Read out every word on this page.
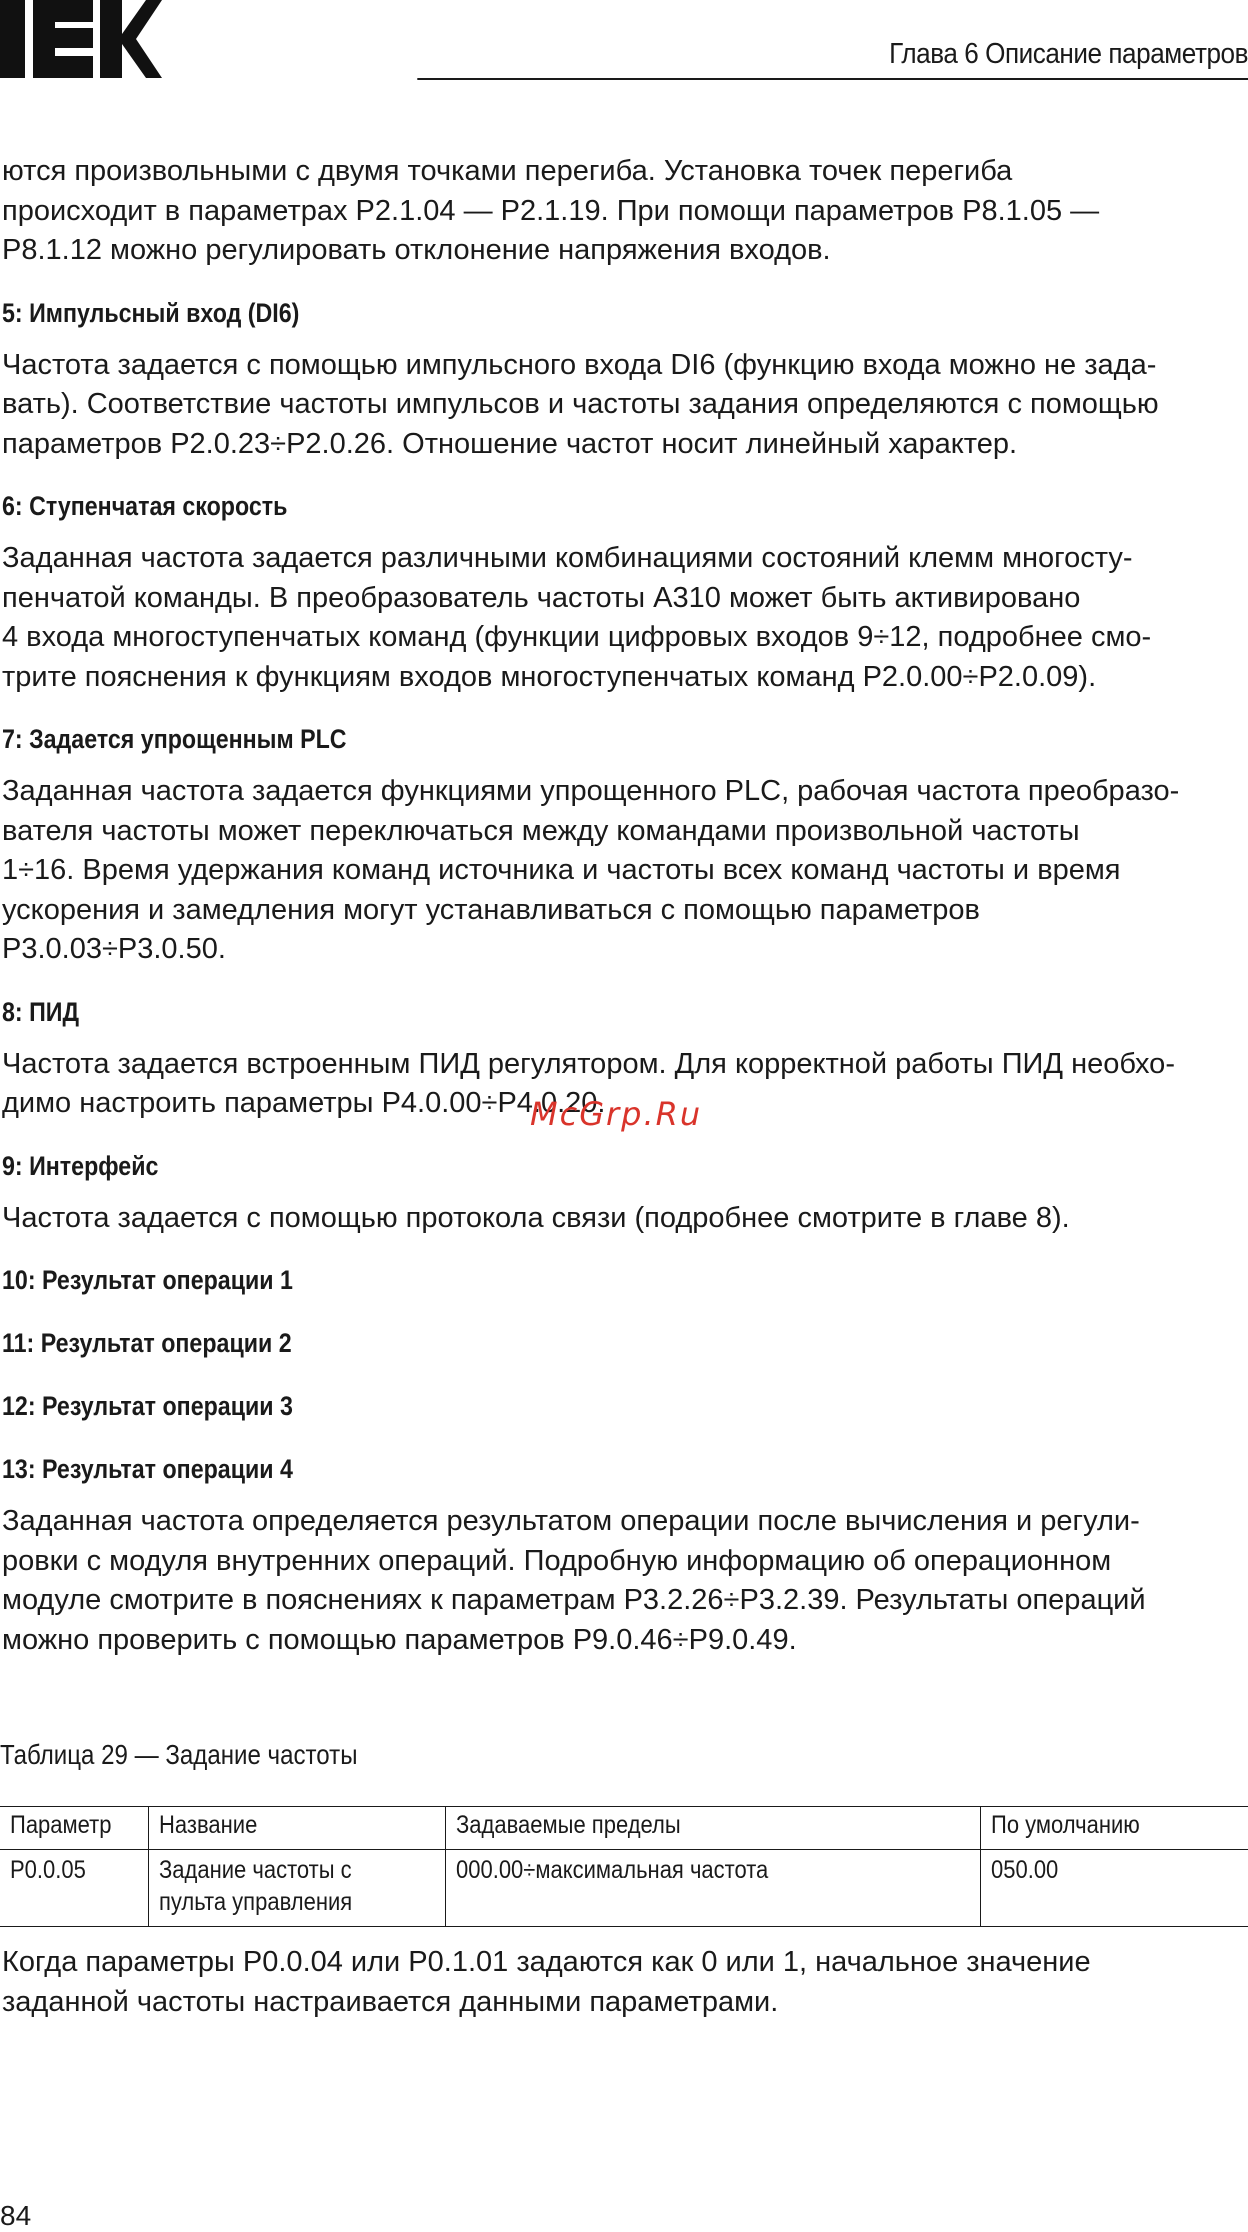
Глава 6 Описание параметров
ются произвольными с двумя точками перегиба. Установка точек перегиба
происходит в параметрах P2.1.04 — P2.1.19. При помощи параметров P8.1.05 —
P8.1.12 можно регулировать отклонение напряжения входов.
5: Импульсный вход (DI6)
Частота задается с помощью импульсного входа DI6 (функцию входа можно не зада-
вать). Соответствие частоты импульсов и частоты задания определяются с помощью
параметров P2.0.23÷P2.0.26. Отношение частот носит линейный характер.
6: Ступенчатая скорость
Заданная частота задается различными комбинациями состояний клемм многосту-
пенчатой команды. В преобразователь частоты A310 может быть активировано
4 входа многоступенчатых команд (функции цифровых входов 9÷12, подробнее смо-
трите пояснения к функциям входов многоступенчатых команд P2.0.00÷P2.0.09).
7: Задается упрощенным PLC
Заданная частота задается функциями упрощенного PLC, рабочая частота преобразо-
вателя частоты может переключаться между командами произвольной частоты
1÷16. Время удержания команд источника и частоты всех команд частоты и время
ускорения и замедления могут устанавливаться с помощью параметров
P3.0.03÷P3.0.50.
8: ПИД
Частота задается встроенным ПИД регулятором. Для корректной работы ПИД необхо-
димо настроить параметры P4.0.00÷P4.0.20.
9: Интерфейс
Частота задается с помощью протокола связи (подробнее смотрите в главе 8).
10: Результат операции 1
11: Результат операции 2
12: Результат операции 3
13: Результат операции 4
Заданная частота определяется результатом операции после вычисления и регули-
ровки с модуля внутренних операций. Подробную информацию об операционном
модуле смотрите в пояснениях к параметрам P3.2.26÷P3.2.39. Результаты операций
можно проверить с помощью параметров P9.0.46÷P9.0.49.
McGrp.Ru
Таблица 29 — Задание частоты
Параметр	Название	Задаваемые пределы	По умолчанию
P0.0.05	Задание частоты с
пульта управления	000.00÷максимальная частота	050.00
Когда параметры P0.0.04 или P0.1.01 задаются как 0 или 1, начальное значение
заданной частоты настраивается данными параметрами.
84
